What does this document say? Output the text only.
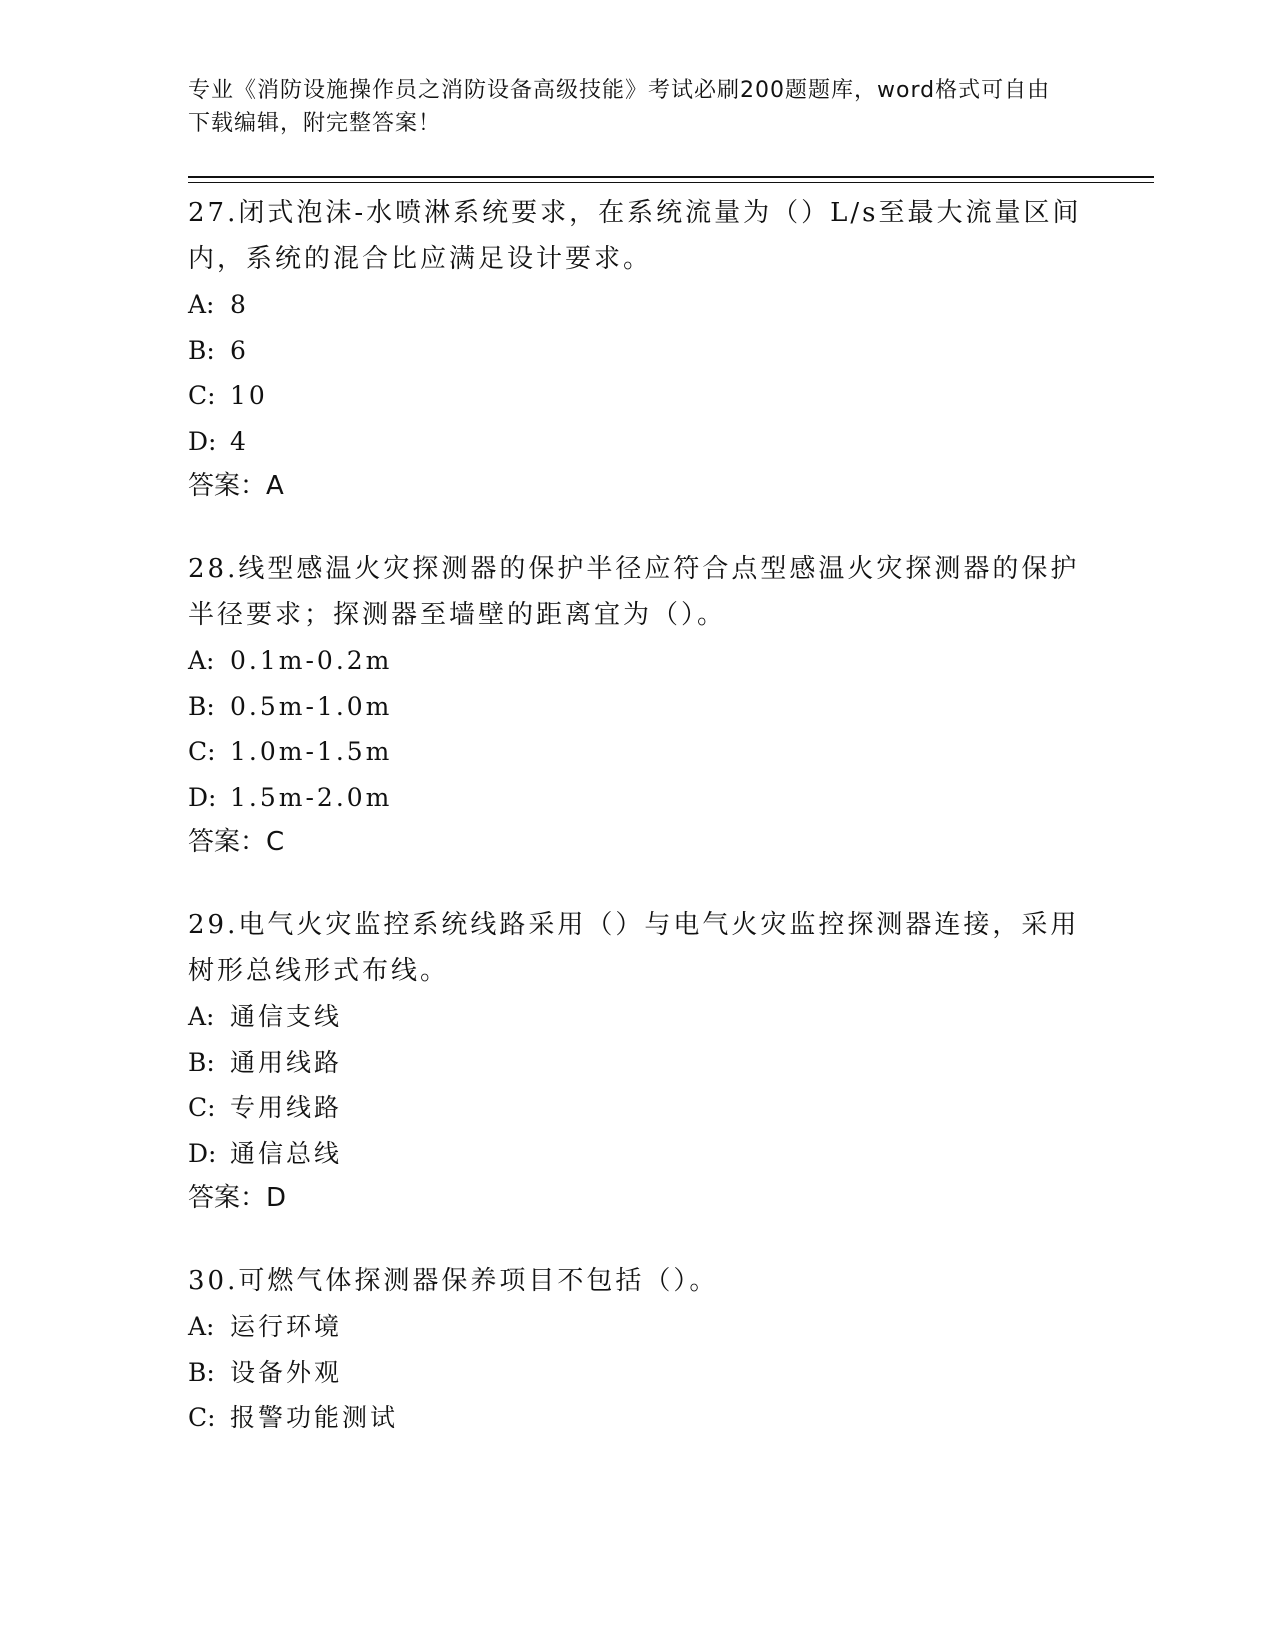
专业《消防设施操作员之消防设备高级技能》考试必刷200题题库，word格式可自由下载编辑，附完整答案！

27.闭式泡沫-水喷淋系统要求，在系统流量为（）L/s至最大流量区间内，系统的混合比应满足设计要求。

A: 8
B: 6
C: 10
D: 4

答案：A

28.线型感温火灾探测器的保护半径应符合点型感温火灾探测器的保护半径要求；探测器至墙壁的距离宜为（）。

A: 0.1m-0.2m
B: 0.5m-1.0m
C: 1.0m-1.5m
D: 1.5m-2.0m

答案：C

29.电气火灾监控系统线路采用（）与电气火灾监控探测器连接，采用树形总线形式布线。

A: 通信支线
B: 通用线路
C: 专用线路
D: 通信总线

答案：D

30.可燃气体探测器保养项目不包括（）。

A: 运行环境
B: 设备外观
C: 报警功能测试
